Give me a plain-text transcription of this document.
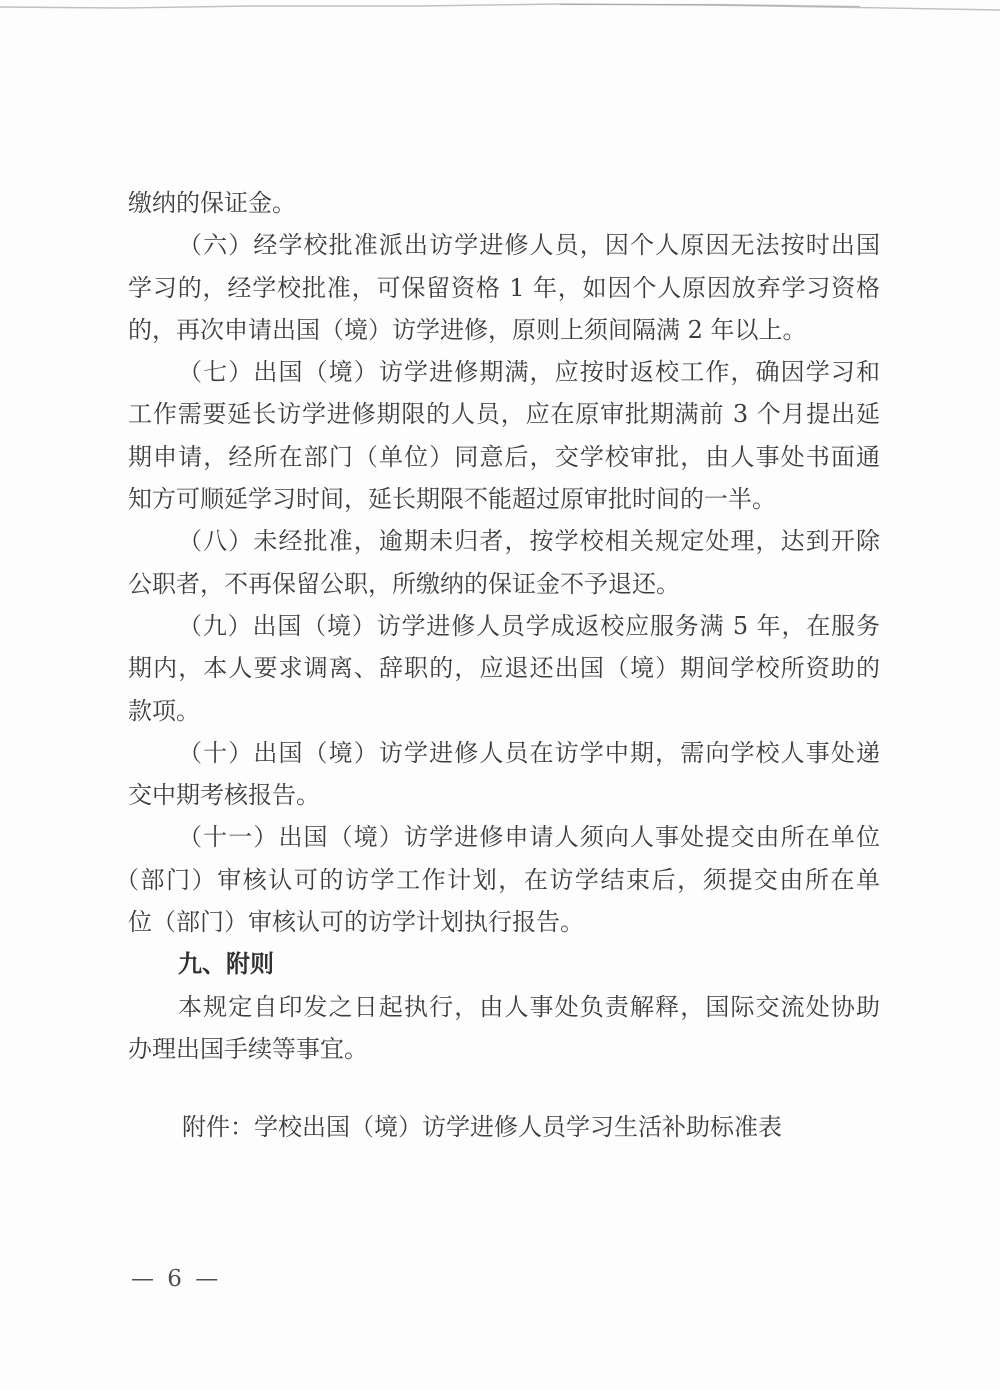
缴纳的保证金。
（六）经学校批准派出访学进修人员，因个人原因无法按时出国
学习的，经学校批准，可保留资格 1 年，如因个人原因放弃学习资格
的，再次申请出国（境）访学进修，原则上须间隔满 2 年以上。
（七）出国（境）访学进修期满，应按时返校工作，确因学习和
工作需要延长访学进修期限的人员，应在原审批期满前 3 个月提出延
期申请，经所在部门（单位）同意后，交学校审批，由人事处书面通
知方可顺延学习时间，延长期限不能超过原审批时间的一半。
（八）未经批准，逾期未归者，按学校相关规定处理，达到开除
公职者，不再保留公职，所缴纳的保证金不予退还。
（九）出国（境）访学进修人员学成返校应服务满 5 年，在服务
期内，本人要求调离、辞职的，应退还出国（境）期间学校所资助的
款项。
（十）出国（境）访学进修人员在访学中期，需向学校人事处递
交中期考核报告。
（十一）出国（境）访学进修申请人须向人事处提交由所在单位
（部门）审核认可的访学工作计划，在访学结束后，须提交由所在单
位（部门）审核认可的访学计划执行报告。
九、附则
本规定自印发之日起执行，由人事处负责解释，国际交流处协助
办理出国手续等事宜。
附件：学校出国（境）访学进修人员学习生活补助标准表
— 6 —
